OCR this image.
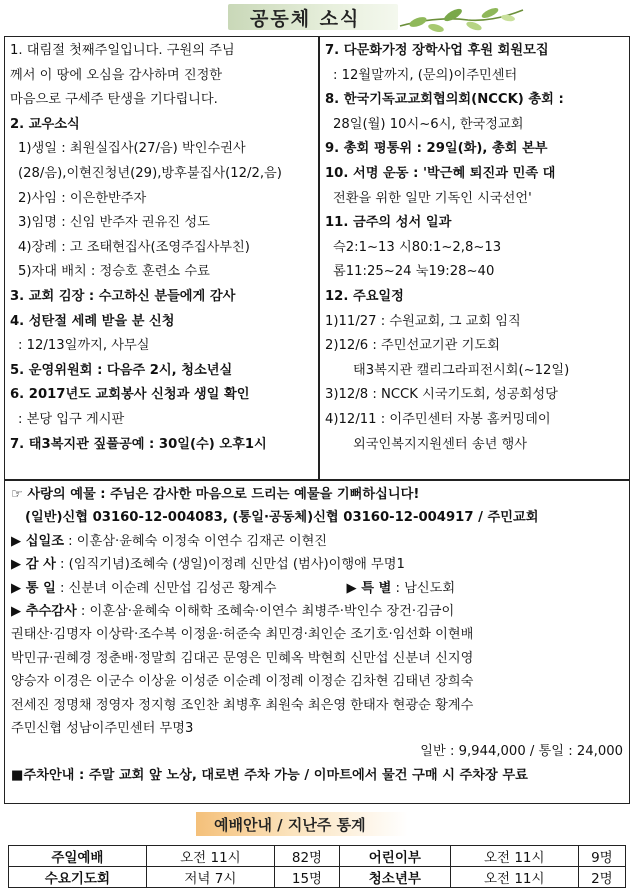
공동체 소식
1. 대림절 첫째주일입니다. 구원의 주님
께서 이 땅에 오심을 감사하며 진정한
마음으로 구세주 탄생을 기다립니다.
2. 교우소식
1)생일 : 최원실집사(27/음) 박인수권사
(28/음),이현진청년(29),방후불집사(12/2,음)
2)사임 : 이은한반주자
3)임명 : 신임 반주자 권유진 성도
4)장례 : 고 조태현집사(조영주집사부친)
5)자대 배치 : 정승호 훈련소 수료
3. 교회 김장 : 수고하신 분들에게 감사
4. 성탄절 세례 받을 분 신청
: 12/13일까지, 사무실
5. 운영위원회 : 다음주 2시, 청소년실
6. 2017년도 교회봉사 신청과 생일 확인
: 본당 입구 게시판
7. 태3복지관 짚풀공예 : 30일(수) 오후1시
7. 다문화가정 장학사업 후원 회원모집
: 12월말까지, (문의)이주민센터
8. 한국기독교교회협의회(NCCK) 총회 :
28일(월) 10시~6시, 한국정교회
9. 총회 평통위 : 29일(화), 총회 본부
10. 서명 운동 : '박근혜 퇴진과 민족 대
전환을 위한 일만 기독인 시국선언'
11. 금주의 성서 일과
슥2:1~13 시80:1~2,8~13
롬11:25~24 눅19:28~40
12. 주요일정
1)11/27 : 수원교회, 그 교회 임직
2)12/6 : 주민선교기관 기도회
태3복지관 캘리그라피전시회(~12일)
3)12/8 : NCCK 시국기도회, 성공회성당
4)12/11 : 이주민센터 자봉 홈커밍데이
외국인복지지원센터 송년 행사
☞ 사랑의 예물 : 주님은 감사한 마음으로 드리는 예물을 기뻐하십니다!
(일반)신협 03160-12-004083, (통일·공동체)신협 03160-12-004917 / 주민교회
▶ 십일조 : 이훈삼·윤혜숙 이정숙 이연수 김재곤 이현진
▶ 감 사 : (임직기념)조혜숙 (생일)이정례 신만섭 (범사)이행애 무명1
▶ 통 일 : 신분녀 이순례 신만섭 김성곤 황계수	▶ 특 별 : 남신도회
▶ 추수감사 : 이훈삼·윤혜숙 이해학 조혜숙·이연수 최병주·박인수 장건·김금이
권태산·김명자 이상락·조수복 이정윤·허준숙 최민경·최인순 조기호·임선화 이현배
박민규·권혜경 정춘배·정말희 김대곤 문영은 민혜옥 박현희 신만섭 신분녀 신지영
양승자 이경은 이군수 이상윤 이성준 이순례 이정례 이정순 김차현 김태년 장희숙
전세진 정명채 정영자 정지형 조인찬 최병후 최원숙 최은영 한태자 현광순 황계수
주민신협 성남이주민센터 무명3
일반 : 9,944,000 / 통일 : 24,000
■주차안내 : 주말 교회 앞 노상, 대로변 주차 가능 / 이마트에서 물건 구매 시 주차장 무료
예배안내 / 지난주 통계
주일예배	오전 11시	82명	어린이부	오전 11시	9명
수요기도회	저녁 7시	15명	청소년부	오전 11시	2명
